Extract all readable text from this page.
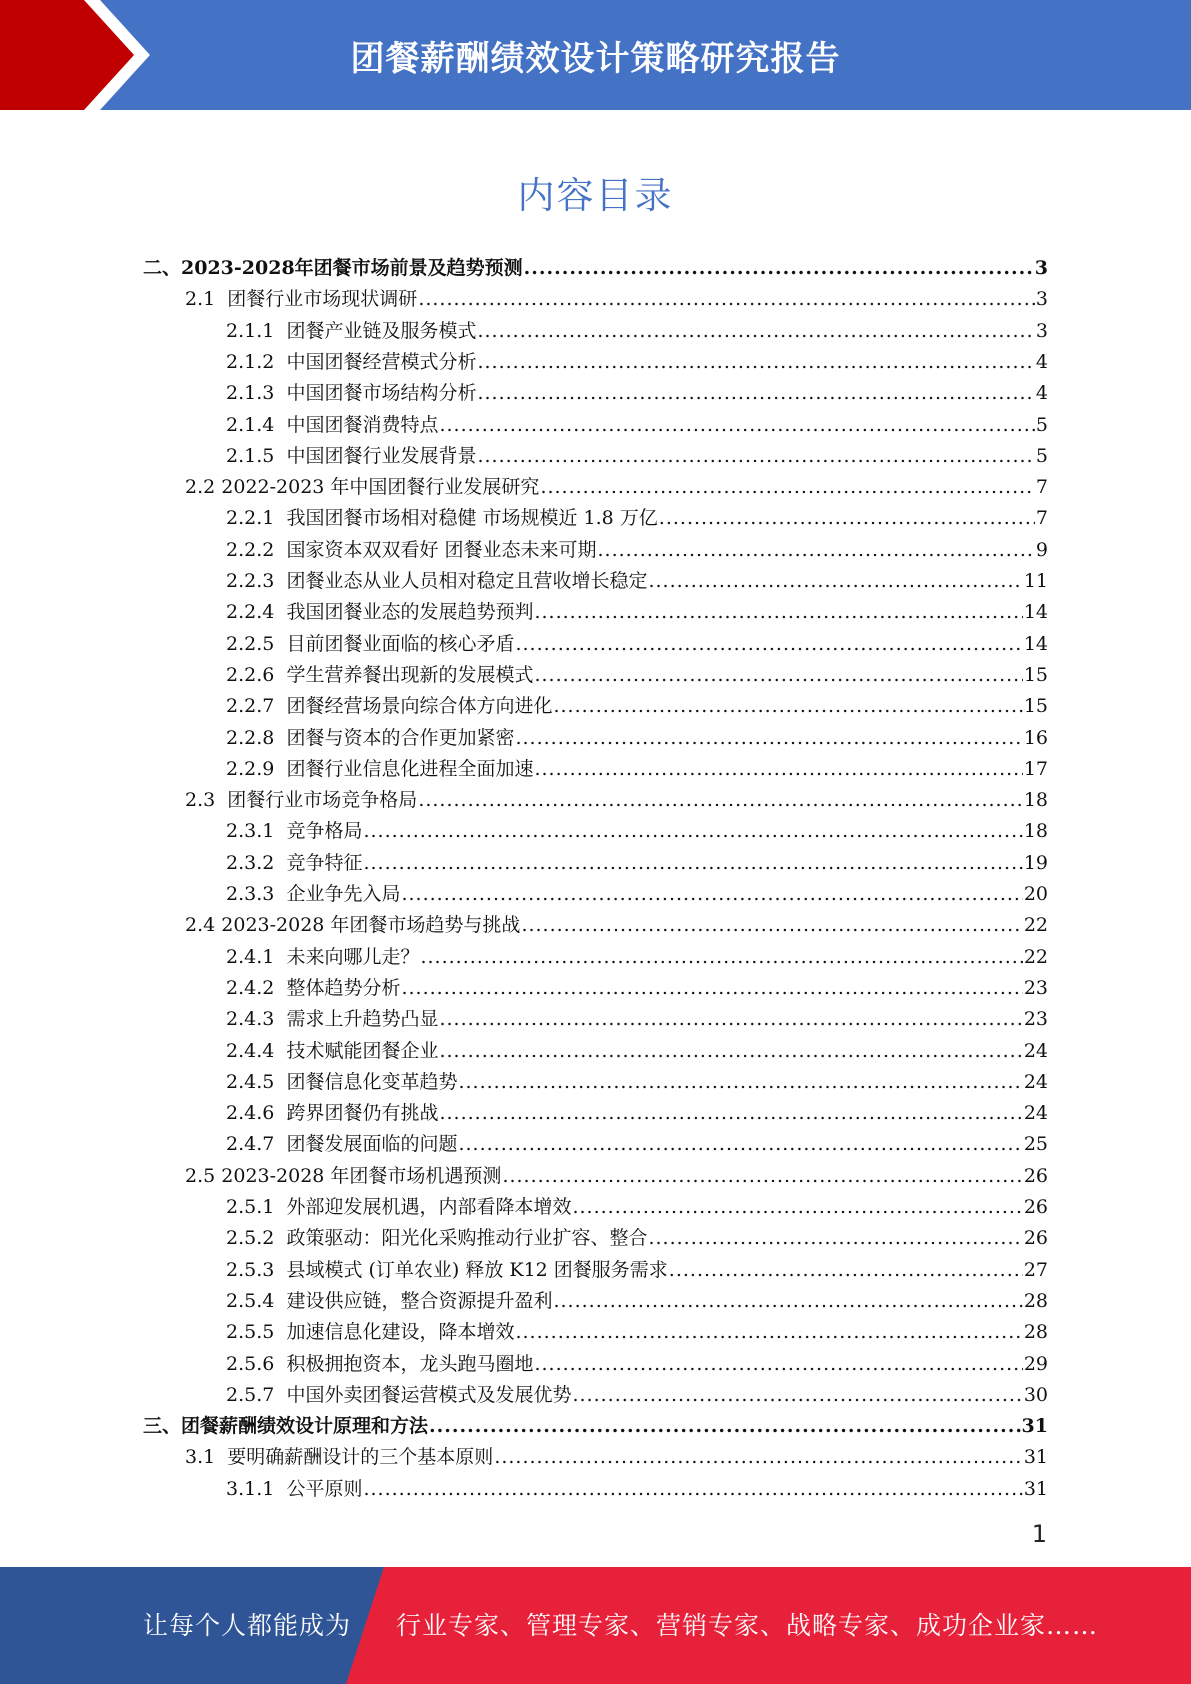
团餐薪酬绩效设计策略研究报告
内容目录
二、 2023-2028年团餐市场前景及趋势预测 .....	3
2.1 团餐行业市场现状调研 .....	3
2.1.1 团餐产业链及服务模式 .....	3
2.1.2 中国团餐经营模式分析 .....	4
2.1.3 中国团餐市场结构分析 .....	4
2.1.4 中国团餐消费特点 .....	5
2.1.5 中国团餐行业发展背景 .....	5
2.2 2022-2023 年中国团餐行业发展研究 .....	7
2.2.1 我国团餐市场相对稳健 市场规模近 1.8 万亿 .....	7
2.2.2 国家资本双双看好 团餐业态未来可期 .....	9
2.2.3 团餐业态从业人员相对稳定且营收增长稳定 .....	11
2.2.4 我国团餐业态的发展趋势预判 .....	14
2.2.5 目前团餐业面临的核心矛盾 .....	14
2.2.6 学生营养餐出现新的发展模式 .....	15
2.2.7 团餐经营场景向综合体方向进化 .....	15
2.2.8 团餐与资本的合作更加紧密 .....	16
2.2.9 团餐行业信息化进程全面加速 .....	17
2.3 团餐行业市场竞争格局 .....	18
2.3.1 竞争格局 .....	18
2.3.2 竞争特征 .....	19
2.3.3 企业争先入局 .....	20
2.4 2023-2028 年团餐市场趋势与挑战 .....	22
2.4.1 未来向哪儿走？ .....	22
2.4.2 整体趋势分析 .....	23
2.4.3 需求上升趋势凸显 .....	23
2.4.4 技术赋能团餐企业 .....	24
2.4.5 团餐信息化变革趋势 .....	24
2.4.6 跨界团餐仍有挑战 .....	24
2.4.7 团餐发展面临的问题 .....	25
2.5 2023-2028 年团餐市场机遇预测 .....	26
2.5.1 外部迎发展机遇，内部看降本增效 .....	26
2.5.2 政策驱动：阳光化采购推动行业扩容、整合 .....	26
2.5.3 县域模式 (订单农业) 释放 K12 团餐服务需求 .....	27
2.5.4 建设供应链，整合资源提升盈利 .....	28
2.5.5 加速信息化建设，降本增效 .....	28
2.5.6 积极拥抱资本，龙头跑马圈地 .....	29
2.5.7 中国外卖团餐运营模式及发展优势 .....	30
三、 团餐薪酬绩效设计原理和方法 .....	31
3.1 要明确薪酬设计的三个基本原则 .....	31
3.1.1 公平原则 .....	31
1
让每个人都能成为 行业专家、管理专家、营销专家、战略专家、成功企业家……
